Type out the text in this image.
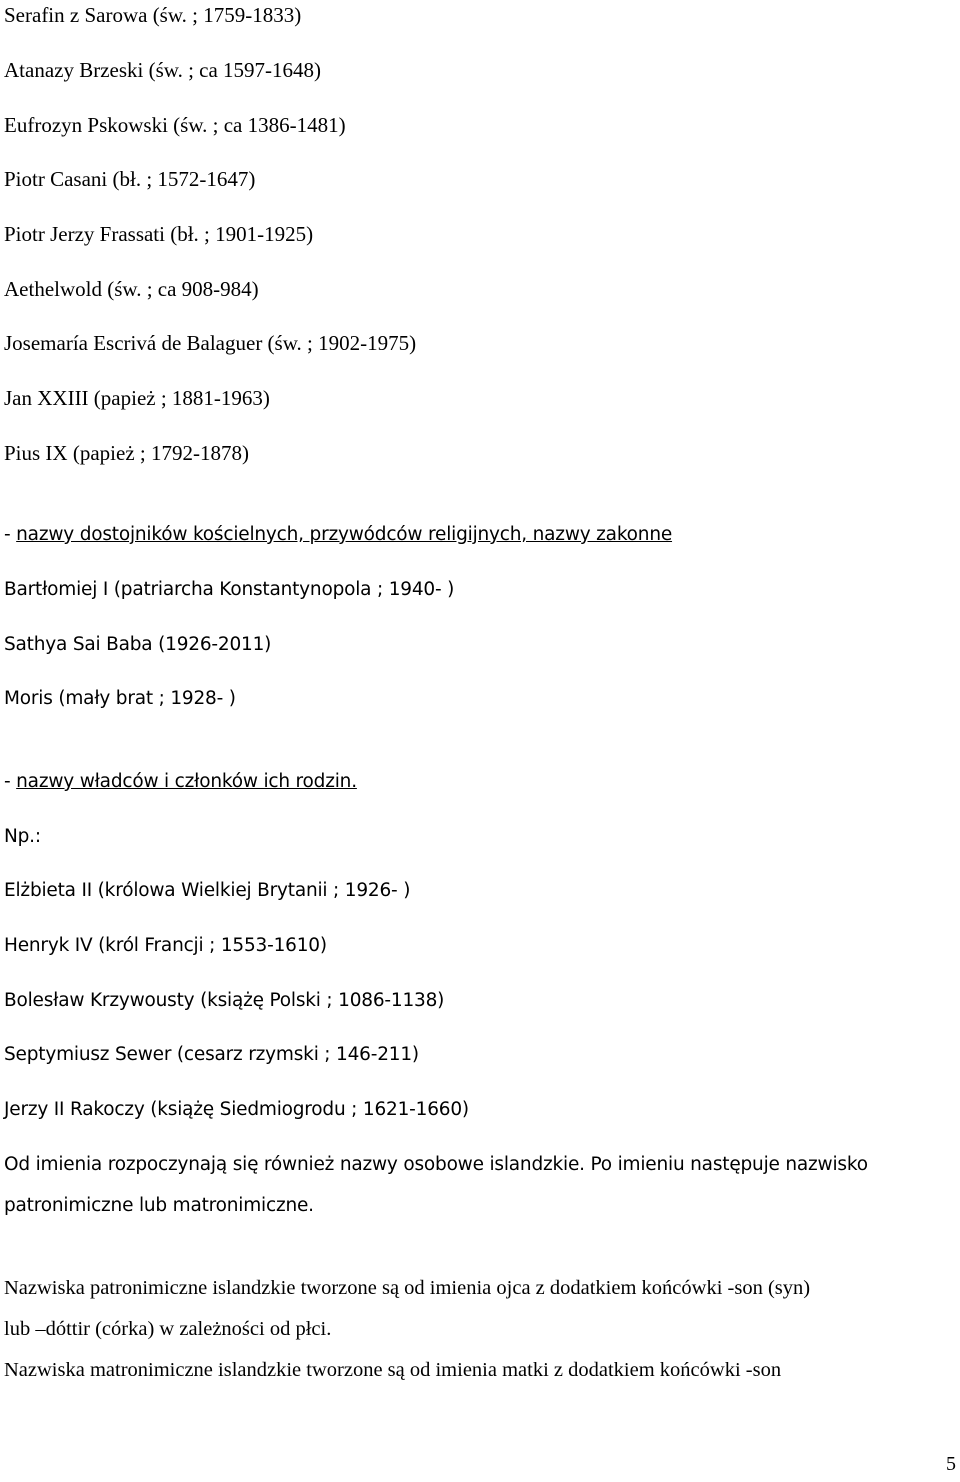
Serafin z Sarowa (św. ; 1759-1833)
Atanazy Brzeski (św. ; ca 1597-1648)
Eufrozyn Pskowski (św. ; ca 1386-1481)
Piotr Casani (bł. ; 1572-1647)
Piotr Jerzy Frassati (bł. ; 1901-1925)
Aethelwold (św. ; ca 908-984)
Josemaría Escrivá de Balaguer (św. ; 1902-1975)
Jan XXIII (papież ; 1881-1963)
Pius IX (papież ; 1792-1878)
- nazwy dostojników kościelnych, przywódców religijnych, nazwy zakonne
Bartłomiej I (patriarcha Konstantynopola ; 1940- )
Sathya Sai Baba (1926-2011)
Moris (mały brat ; 1928- )
- nazwy władców i członków ich rodzin.
Np.:
Elżbieta II (królowa Wielkiej Brytanii ; 1926- )
Henryk IV (król Francji ; 1553-1610)
Bolesław Krzywousty (książę Polski ; 1086-1138)
Septymiusz Sewer (cesarz rzymski ; 146-211)
Jerzy II Rakoczy (książę Siedmiogrodu ; 1621-1660)
Od imienia rozpoczynają się również nazwy osobowe islandzkie. Po imieniu następuje nazwisko
patronimiczne lub matronimiczne.
Nazwiska patronimiczne islandzkie tworzone są od imienia ojca z dodatkiem końcówki -son (syn)
lub –dóttir (córka) w zależności od płci.
Nazwiska matronimiczne islandzkie tworzone są od imienia matki z dodatkiem końcówki -son
5
